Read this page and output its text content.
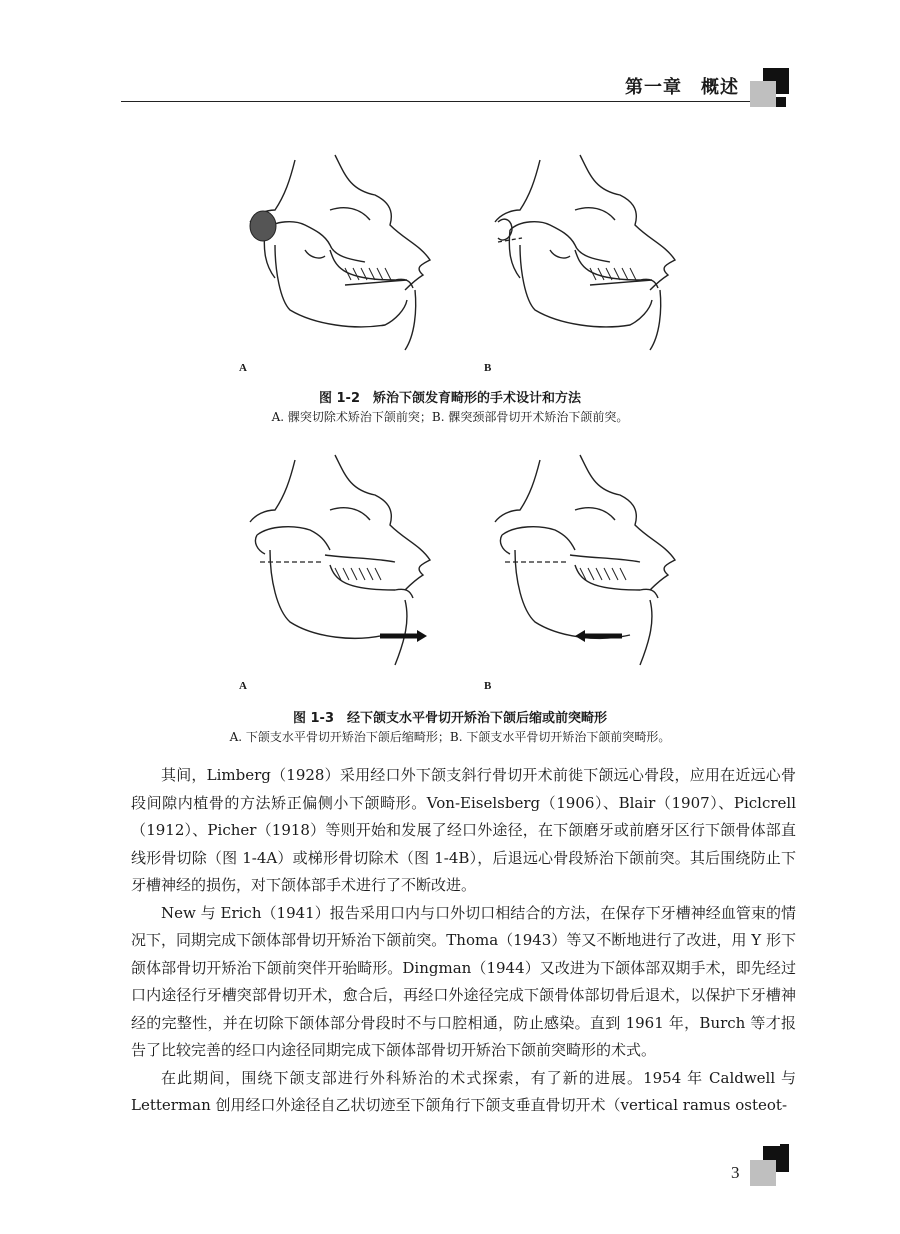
第一章　概述
A	B
图 1-2　矫治下颌发育畸形的手术设计和方法
A. 髁突切除术矫治下颌前突；B. 髁突颈部骨切开术矫治下颌前突。
A	B
图 1-3　经下颌支水平骨切开矫治下颌后缩或前突畸形
A. 下颌支水平骨切开矫治下颌后缩畸形；B. 下颌支水平骨切开矫治下颌前突畸形。

其间，Limberg（1928）采用经口外下颌支斜行骨切开术前徙下颌远心骨段，应用在近远心骨段间隙内植骨的方法矫正偏侧小下颌畸形。Von-Eiselsberg（1906）、Blair（1907）、Piclcrell（1912）、Picher（1918）等则开始和发展了经口外途径，在下颌磨牙或前磨牙区行下颌骨体部直线形骨切除（图 1-4A）或梯形骨切除术（图 1-4B），后退远心骨段矫治下颌前突。其后围绕防止下牙槽神经的损伤，对下颌体部手术进行了不断改进。

New 与 Erich（1941）报告采用口内与口外切口相结合的方法，在保存下牙槽神经血管束的情况下，同期完成下颌体部骨切开矫治下颌前突。Thoma（1943）等又不断地进行了改进，用 Y 形下颌体部骨切开矫治下颌前突伴开骀畸形。Dingman（1944）又改进为下颌体部双期手术，即先经过口内途径行牙槽突部骨切开术，愈合后，再经口外途径完成下颌骨体部切骨后退术，以保护下牙槽神经的完整性，并在切除下颌体部分骨段时不与口腔相通，防止感染。直到 1961 年，Burch 等才报告了比较完善的经口内途径同期完成下颌体部骨切开矫治下颌前突畸形的术式。

在此期间，围绕下颌支部进行外科矫治的术式探索，有了新的进展。1954 年 Caldwell 与 Letterman 创用经口外途径自乙状切迹至下颌角行下颌支垂直骨切开术（vertical ramus osteot-

3
